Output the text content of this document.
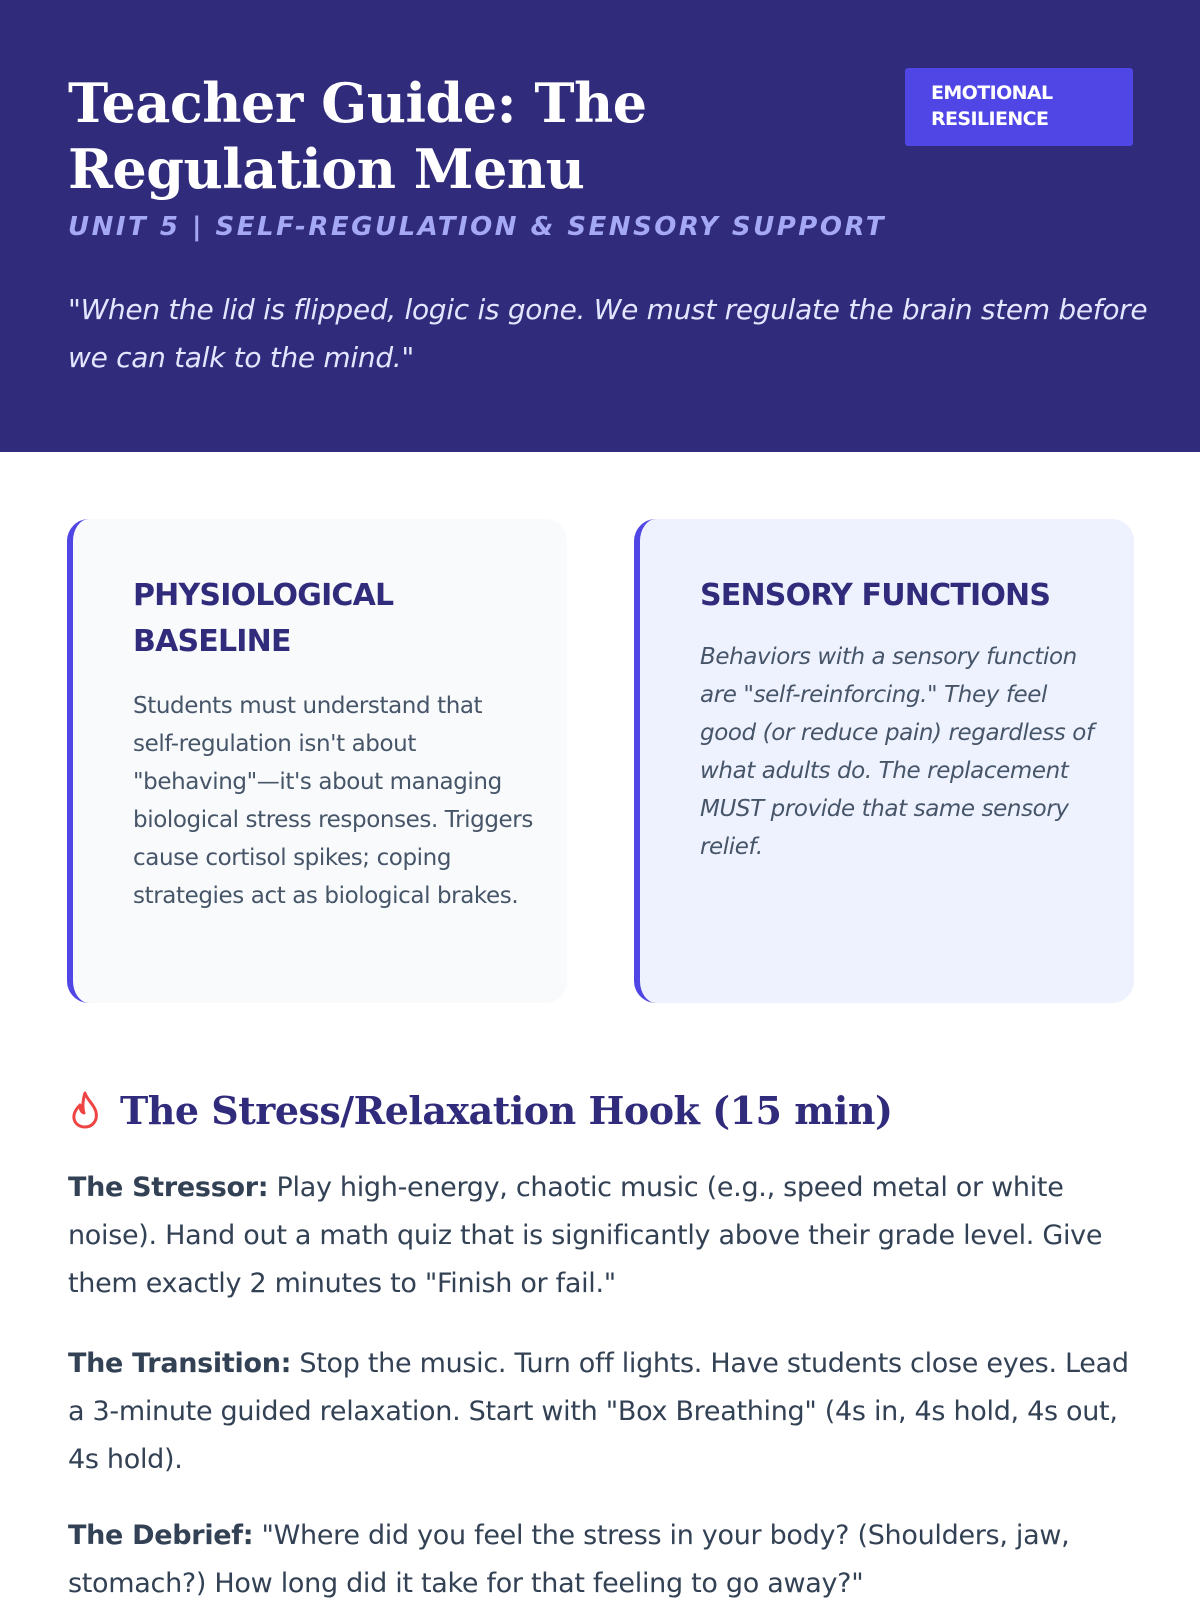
Teacher Guide: The Regulation Menu
UNIT 5 | SELF-REGULATION & SENSORY SUPPORT
EMOTIONAL RESILIENCE
"When the lid is flipped, logic is gone. We must regulate the brain stem before we can talk to the mind."
PHYSIOLOGICAL BASELINE
Students must understand that self-regulation isn't about "behaving"—it's about managing biological stress responses. Triggers cause cortisol spikes; coping strategies act as biological brakes.
SENSORY FUNCTIONS
Behaviors with a sensory function are "self-reinforcing." They feel good (or reduce pain) regardless of what adults do. The replacement MUST provide that same sensory relief.
The Stress/Relaxation Hook (15 min)

The Stressor: Play high-energy, chaotic music (e.g., speed metal or white noise). Hand out a math quiz that is significantly above their grade level. Give them exactly 2 minutes to "Finish or fail."

The Transition: Stop the music. Turn off lights. Have students close eyes. Lead a 3-minute guided relaxation. Start with "Box Breathing" (4s in, 4s hold, 4s out, 4s hold).

The Debrief: "Where did you feel the stress in your body? (Shoulders, jaw, stomach?) How long did it take for that feeling to go away?"
